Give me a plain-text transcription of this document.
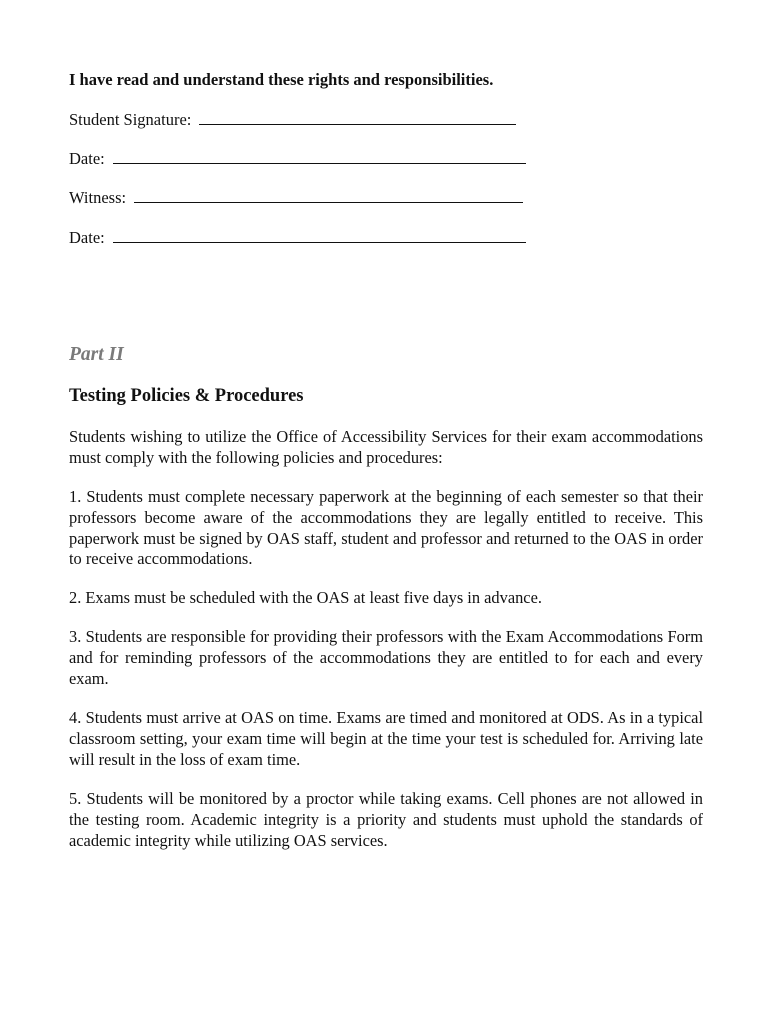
I have read and understand these rights and responsibilities.
Student Signature:
Date:
Witness:
Date:
Part II
Testing Policies & Procedures
Students wishing to utilize the Office of Accessibility Services for their exam accommodations must comply with the following policies and procedures:
1. Students must complete necessary paperwork at the beginning of each semester so that their professors become aware of the accommodations they are legally entitled to receive. This paperwork must be signed by OAS staff, student and professor and returned to the OAS in order to receive accommodations.
2. Exams must be scheduled with the OAS at least five days in advance.
3. Students are responsible for providing their professors with the Exam Accommodations Form and for reminding professors of the accommodations they are entitled to for each and every exam.
4. Students must arrive at OAS on time. Exams are timed and monitored at ODS. As in a typical classroom setting, your exam time will begin at the time your test is scheduled for. Arriving late will result in the loss of exam time.
5. Students will be monitored by a proctor while taking exams. Cell phones are not allowed in the testing room. Academic integrity is a priority and students must uphold the standards of academic integrity while utilizing OAS services.
